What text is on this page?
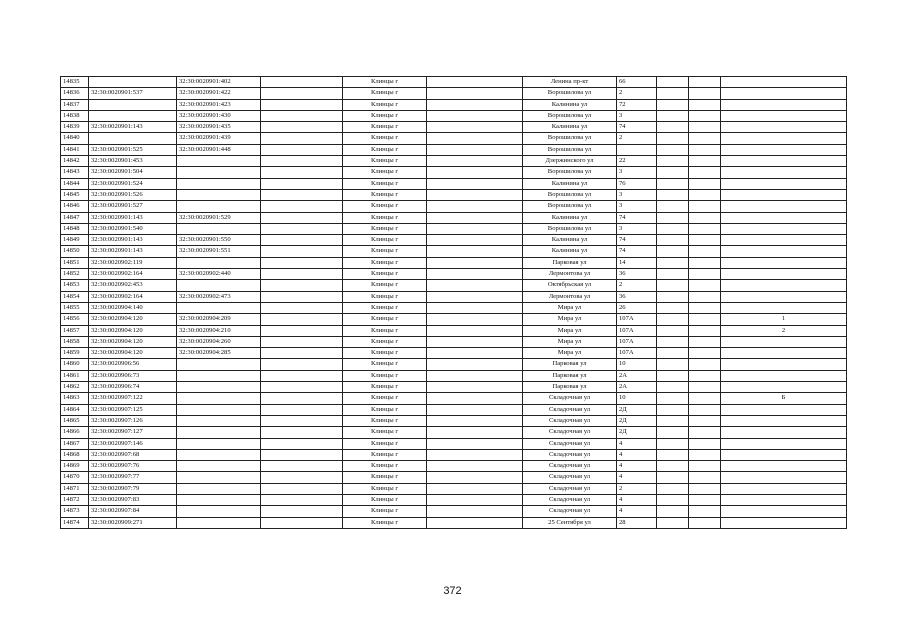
14835		32:30:0020901:402		Клинцы г		Ленина пр-кт	66			
14836	32:30:0020901:537	32:30:0020901:422		Клинцы г		Ворошилова ул	2			
14837		32:30:0020901:423		Клинцы г		Калинина ул	72			
14838		32:30:0020901:430		Клинцы г		Ворошилова ул	3			
14839	32:30:0020901:143	32:30:0020901:435		Клинцы г		Калинина ул	74			
14840		32:30:0020901:439		Клинцы г		Ворошилова ул	2			
14841	32:30:0020901:525	32:30:0020901:448		Клинцы г		Ворошилова ул				
14842	32:30:0020901:453			Клинцы г		Дзержинского ул	22			
14843	32:30:0020901:504			Клинцы г		Ворошилова ул	3			
14844	32:30:0020901:524			Клинцы г		Калинина ул	76			
14845	32:30:0020901:526			Клинцы г		Ворошилова ул	3			
14846	32:30:0020901:527			Клинцы г		Ворошилова ул	3			
14847	32:30:0020901:143	32:30:0020901:529		Клинцы г		Калинина ул	74			
14848	32:30:0020901:540			Клинцы г		Ворошилова ул	3			
14849	32:30:0020901:143	32:30:0020901:550		Клинцы г		Калинина ул	74			
14850	32:30:0020901:143	32:30:0020901:551		Клинцы г		Калинина ул	74			
14851	32:30:0020902:119			Клинцы г		Парковая ул	14			
14852	32:30:0020902:164	32:30:0020902:440		Клинцы г		Лермонтова ул	36			
14853	32:30:0020902:453			Клинцы г		Октябрьская ул	2			
14854	32:30:0020902:164	32:30:0020902:473		Клинцы г		Лермонтова ул	36			
14855	32:30:0020904:140			Клинцы г		Мира ул	26			
14856	32:30:0020904:120	32:30:0020904:209		Клинцы г		Мира ул	107А			1
14857	32:30:0020904:120	32:30:0020904:210		Клинцы г		Мира ул	107А			2
14858	32:30:0020904:120	32:30:0020904:260		Клинцы г		Мира ул	107А			
14859	32:30:0020904:120	32:30:0020904:285		Клинцы г		Мира ул	107А			
14860	32:30:0020906:56			Клинцы г		Парковая ул	10			
14861	32:30:0020906:73			Клинцы г		Парковая ул	2А			
14862	32:30:0020906:74			Клинцы г		Парковая ул	2А			
14863	32:30:0020907:122			Клинцы г		Складочная ул	10			Б
14864	32:30:0020907:125			Клинцы г		Складочная ул	2Д			
14865	32:30:0020907:126			Клинцы г		Складочная ул	2Д			
14866	32:30:0020907:127			Клинцы г		Складочная ул	2Д			
14867	32:30:0020907:146			Клинцы г		Складочная ул	4			
14868	32:30:0020907:68			Клинцы г		Складочная ул	4			
14869	32:30:0020907:76			Клинцы г		Складочная ул	4			
14870	32:30:0020907:77			Клинцы г		Складочная ул	4			
14871	32:30:0020907:79			Клинцы г		Складочная ул	2			
14872	32:30:0020907:83			Клинцы г		Складочная ул	4			
14873	32:30:0020907:84			Клинцы г		Складочная ул	4			
14874	32:30:0020909:271			Клинцы г		25 Сентября ул	28			
372
